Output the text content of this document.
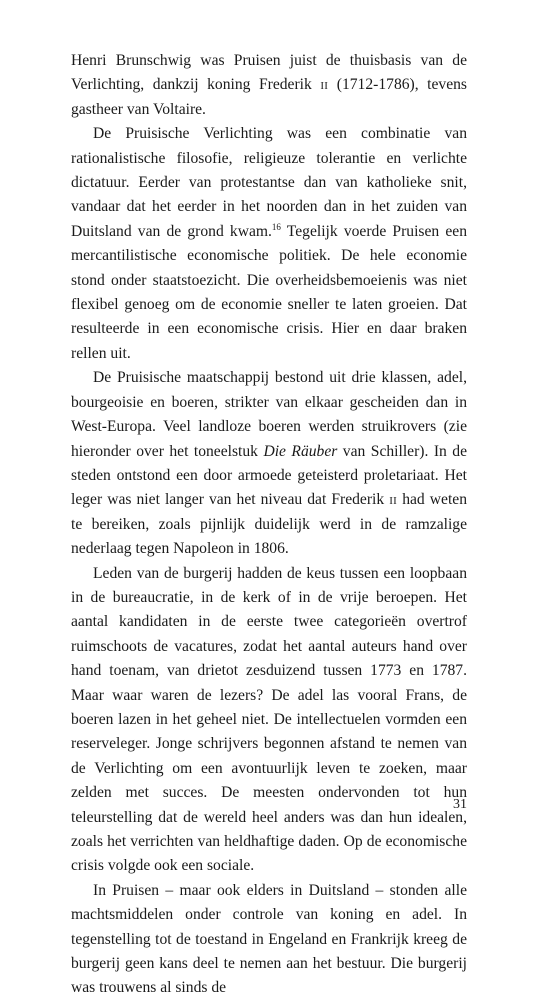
Henri Brunschwig was Pruisen juist de thuisbasis van de Verlichting, dankzij koning Frederik ii (1712-1786), tevens gastheer van Voltaire.

De Pruisische Verlichting was een combinatie van rationalistische filosofie, religieuze tolerantie en verlichte dictatuur. Eerder van protestantse dan van katholieke snit, vandaar dat het eerder in het noorden dan in het zuiden van Duitsland van de grond kwam.$^{16}$ Tegelijk voerde Pruisen een mercantilistische economische politiek. De hele economie stond onder staatstoezicht. Die overheidsbemoeienis was niet flexibel genoeg om de economie sneller te laten groeien. Dat resulteerde in een economische crisis. Hier en daar braken rellen uit.

De Pruisische maatschappij bestond uit drie klassen, adel, bourgeoisie en boeren, strikter van elkaar gescheiden dan in West-Europa. Veel landloze boeren werden struikrovers (zie hieronder over het toneelstuk Die Räuber van Schiller). In de steden ontstond een door armoede geteisterd proletariaat. Het leger was niet langer van het niveau dat Frederik ii had weten te bereiken, zoals pijnlijk duidelijk werd in de ramzalige nederlaag tegen Napoleon in 1806.

Leden van de burgerij hadden de keus tussen een loopbaan in de bureaucratie, in de kerk of in de vrije beroepen. Het aantal kandidaten in de eerste twee categorieën overtrof ruimschoots de vacatures, zodat het aantal auteurs hand over hand toenam, van drietot zesduizend tussen 1773 en 1787. Maar waar waren de lezers? De adel las vooral Frans, de boeren lazen in het geheel niet. De intellectuelen vormden een reserveleger. Jonge schrijvers begonnen afstand te nemen van de Verlichting om een avontuurlijk leven te zoeken, maar zelden met succes. De meesten ondervonden tot hun teleurstelling dat de wereld heel anders was dan hun idealen, zoals het verrichten van heldhaftige daden. Op de economische crisis volgde ook een sociale.

In Pruisen – maar ook elders in Duitsland – stonden alle machtsmiddelen onder controle van koning en adel. In tegenstelling tot de toestand in Engeland en Frankrijk kreeg de burgerij geen kans deel te nemen aan het bestuur. Die burgerij was trouwens al sinds de

31
